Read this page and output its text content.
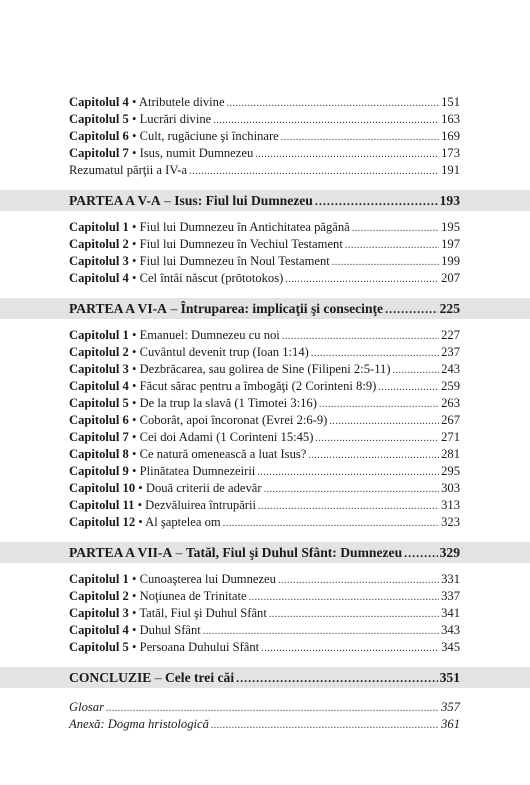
Capitolul 4 • Atributele divine .....	151
Capitolul 5 • Lucrări divine .....	163
Capitolul 6 • Cult, rugăciune şi închinare .....	169
Capitolul 7 • Isus, numit Dumnezeu .....	173
Rezumatul părţii a IV-a .....	191
PARTEA A V-A – Isus: Fiul lui Dumnezeu .....	193
Capitolul 1 • Fiul lui Dumnezeu în Antichitatea păgână .....	195
Capitolul 2 • Fiul lui Dumnezeu în Vechiul Testament .....	197
Capitolul 3 • Fiul lui Dumnezeu în Noul Testament .....	199
Capitolul 4 • Cel întâi născut (prōtotokos) .....	207
PARTEA A VI-A – Întruparea: implicaţii şi consecinţe .....	225
Capitolul 1 • Emanuel: Dumnezeu cu noi .....	227
Capitolul 2 • Cuvântul devenit trup (Ioan 1:14) .....	237
Capitolul 3 • Dezbrăcarea, sau golirea de Sine (Filipeni 2:5-11) .....	243
Capitolul 4 • Făcut sărac pentru a îmbogăţi (2 Corinteni 8:9) .....	259
Capitolul 5 • De la trup la slavă (1 Timotei 3:16) .....	263
Capitolul 6 • Coborât, apoi încoronat (Evrei 2:6-9) .....	267
Capitolul 7 • Cei doi Adami (1 Corinteni 15:45) .....	271
Capitolul 8 • Ce natură omenească a luat Isus? .....	281
Capitolul 9 • Plinătatea Dumnezeirii .....	295
Capitolul 10 • Două criterii de adevăr .....	303
Capitolul 11 • Dezvăluirea întrupării .....	313
Capitolul 12 • Al şaptelea om .....	323
PARTEA A VII-A – Tatăl, Fiul şi Duhul Sfânt: Dumnezeu .....	329
Capitolul 1 • Cunoaşterea lui Dumnezeu .....	331
Capitolul 2 • Noţiunea de Trinitate .....	337
Capitolul 3 • Tatăl, Fiul şi Duhul Sfânt .....	341
Capitolul 4 • Duhul Sfânt .....	343
Capitolul 5 • Persoana Duhului Sfânt .....	345
CONCLUZIE – Cele trei căi .....	351
Glosar .....	357
Anexă: Dogma hristologică .....	361
